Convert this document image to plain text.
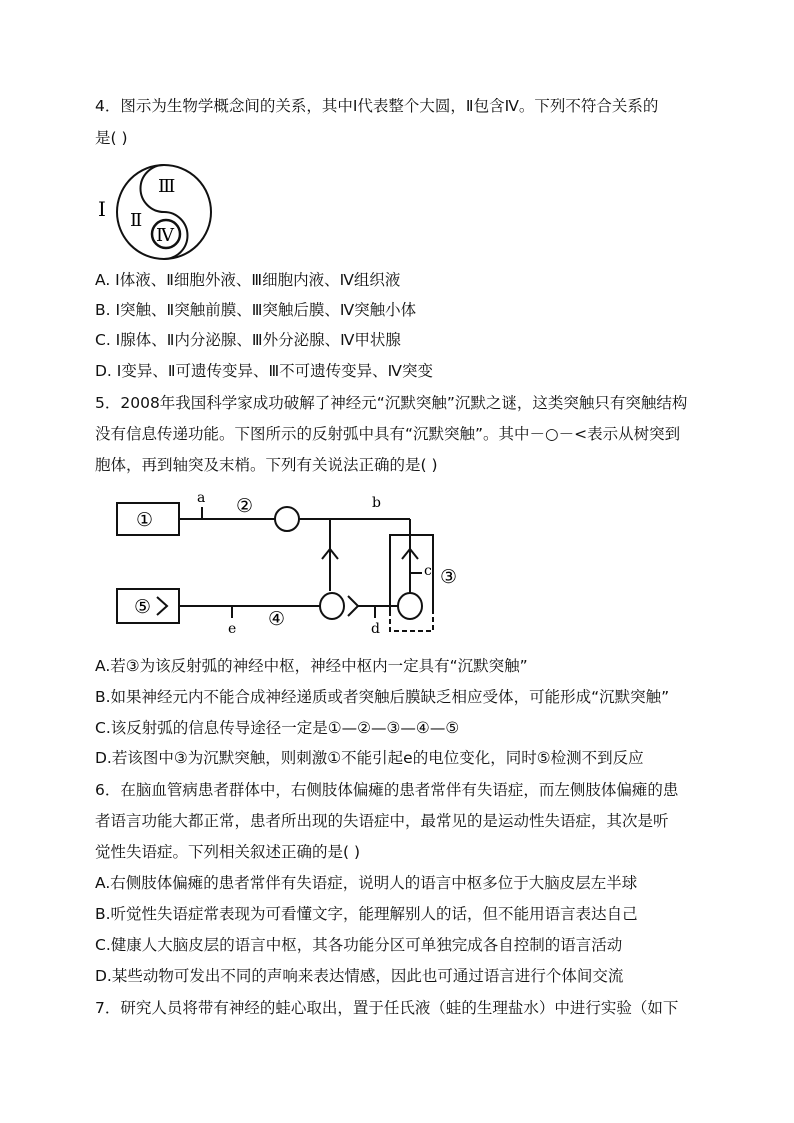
4．图示为生物学概念间的关系，其中Ⅰ代表整个大圆，Ⅱ包含Ⅳ。下列不符合关系的
是( )
Ⅰ Ⅱ
Ⅲ
Ⅳ
A. Ⅰ体液、Ⅱ细胞外液、Ⅲ细胞内液、Ⅳ组织液
B. Ⅰ突触、Ⅱ突触前膜、Ⅲ突触后膜、Ⅳ突触小体
C. Ⅰ腺体、Ⅱ内分泌腺、Ⅲ外分泌腺、Ⅳ甲状腺
D. Ⅰ变异、Ⅱ可遗传变异、Ⅲ不可遗传变异、Ⅳ突变
5．2008年我国科学家成功破解了神经元“沉默突触”沉默之谜，这类突触只有突触结构
没有信息传递功能。下图所示的反射弧中具有“沉默突触”。其中－○－<表示从树突到
胞体，再到轴突及末梢。下列有关说法正确的是( )
①
②
③
④
⑤
a	b
c
d
e
A.若③为该反射弧的神经中枢，神经中枢内一定具有“沉默突触”
B.如果神经元内不能合成神经递质或者突触后膜缺乏相应受体，可能形成“沉默突触”
C.该反射弧的信息传导途径一定是①—②—③—④—⑤
D.若该图中③为沉默突触，则刺激①不能引起e的电位变化，同时⑤检测不到反应
6．在脑血管病患者群体中，右侧肢体偏瘫的患者常伴有失语症，而左侧肢体偏瘫的患
者语言功能大都正常，患者所出现的失语症中，最常见的是运动性失语症，其次是听
觉性失语症。下列相关叙述正确的是( )
A.右侧肢体偏瘫的患者常伴有失语症，说明人的语言中枢多位于大脑皮层左半球
B.听觉性失语症常表现为可看懂文字，能理解别人的话，但不能用语言表达自己
C.健康人大脑皮层的语言中枢，其各功能分区可单独完成各自控制的语言活动
D.某些动物可发出不同的声响来表达情感，因此也可通过语言进行个体间交流
7．研究人员将带有神经的蛙心取出，置于任氏液（蛙的生理盐水）中进行实验（如下
